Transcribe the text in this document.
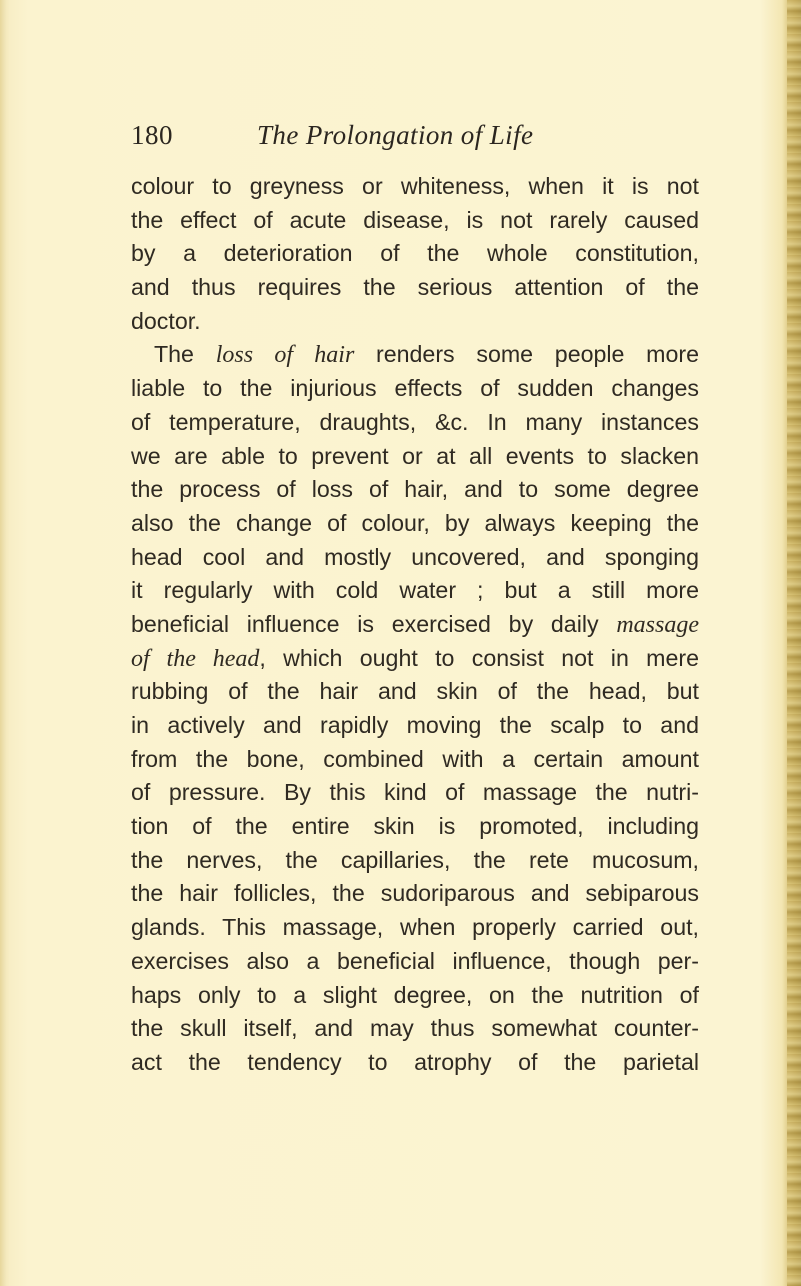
180	The Prolongation of Life
colour to greyness or whiteness, when it is not
the effect of acute disease, is not rarely caused
by a deterioration of the whole constitution,
and thus requires the serious attention of the
doctor.
The loss of hair renders some people more
liable to the injurious effects of sudden changes
of temperature, draughts, &c. In many instances
we are able to prevent or at all events to slacken
the process of loss of hair, and to some degree
also the change of colour, by always keeping the
head cool and mostly uncovered, and sponging
it regularly with cold water ; but a still more
beneficial influence is exercised by daily massage
of the head, which ought to consist not in mere
rubbing of the hair and skin of the head, but
in actively and rapidly moving the scalp to and
from the bone, combined with a certain amount
of pressure. By this kind of massage the nutri-
tion of the entire skin is promoted, including
the nerves, the capillaries, the rete mucosum,
the hair follicles, the sudoriparous and sebiparous
glands. This massage, when properly carried out,
exercises also a beneficial influence, though per-
haps only to a slight degree, on the nutrition of
the skull itself, and may thus somewhat counter-
act the tendency to atrophy of the parietal
